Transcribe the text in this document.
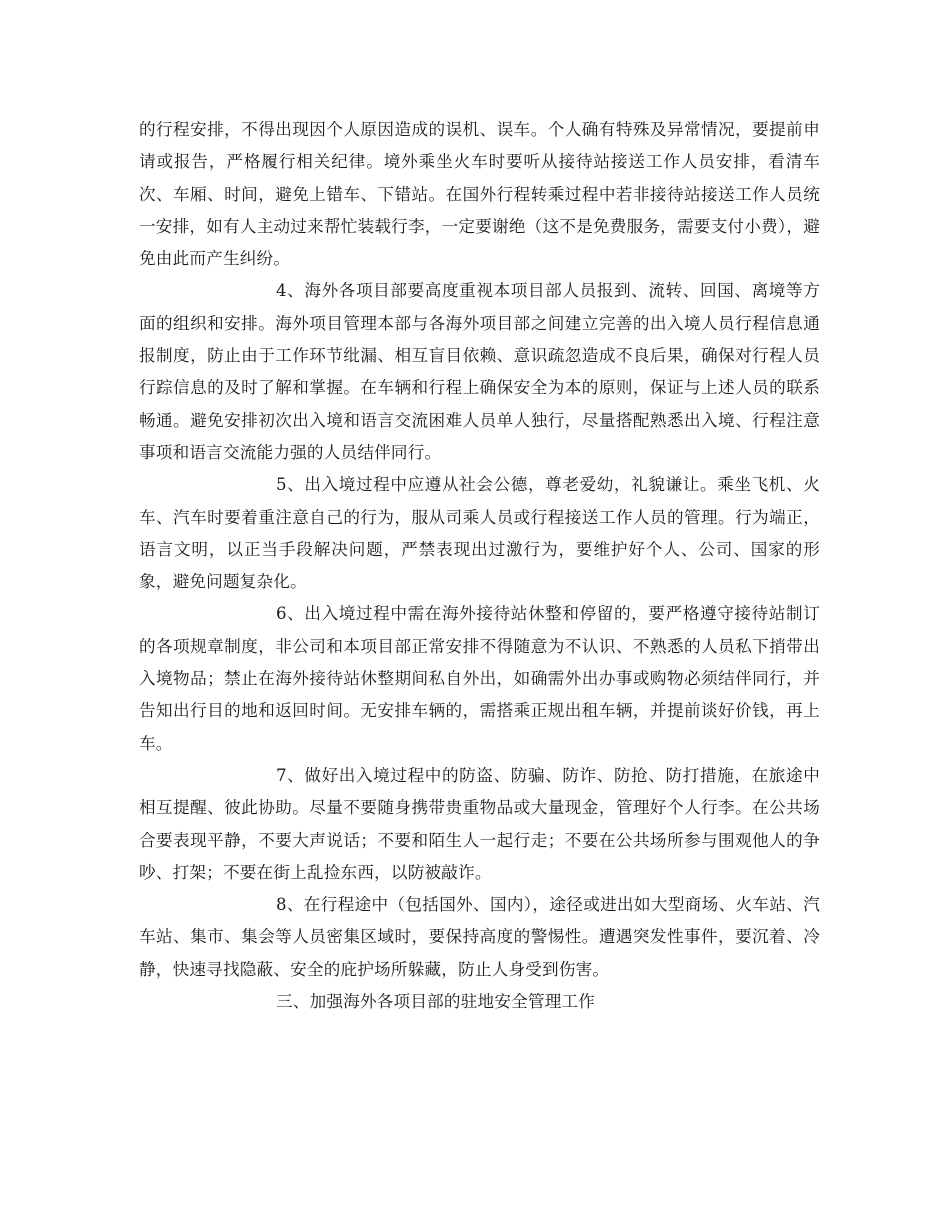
的行程安排，不得出现因个人原因造成的误机、误车。个人确有特殊及异常情况，要提前申请或报告，严格履行相关纪律。境外乘坐火车时要听从接待站接送工作人员安排，看清车次、车厢、时间，避免上错车、下错站。在国外行程转乘过程中若非接待站接送工作人员统一安排，如有人主动过来帮忙装载行李，一定要谢绝（这不是免费服务，需要支付小费），避免由此而产生纠纷。

4、海外各项目部要高度重视本项目部人员报到、流转、回国、离境等方面的组织和安排。海外项目管理本部与各海外项目部之间建立完善的出入境人员行程信息通报制度，防止由于工作环节纰漏、相互盲目依赖、意识疏忽造成不良后果，确保对行程人员行踪信息的及时了解和掌握。在车辆和行程上确保安全为本的原则，保证与上述人员的联系畅通。避免安排初次出入境和语言交流困难人员单人独行，尽量搭配熟悉出入境、行程注意事项和语言交流能力强的人员结伴同行。

5、出入境过程中应遵从社会公德，尊老爱幼，礼貌谦让。乘坐飞机、火车、汽车时要着重注意自己的行为，服从司乘人员或行程接送工作人员的管理。行为端正，语言文明，以正当手段解决问题，严禁表现出过激行为，要维护好个人、公司、国家的形象，避免问题复杂化。

6、出入境过程中需在海外接待站休整和停留的，要严格遵守接待站制订的各项规章制度，非公司和本项目部正常安排不得随意为不认识、不熟悉的人员私下捎带出入境物品；禁止在海外接待站休整期间私自外出，如确需外出办事或购物必须结伴同行，并告知出行目的地和返回时间。无安排车辆的，需搭乘正规出租车辆，并提前谈好价钱，再上车。

7、做好出入境过程中的防盗、防骗、防诈、防抢、防打措施，在旅途中相互提醒、彼此协助。尽量不要随身携带贵重物品或大量现金，管理好个人行李。在公共场合要表现平静，不要大声说话；不要和陌生人一起行走；不要在公共场所参与围观他人的争吵、打架；不要在街上乱捡东西，以防被敲诈。

8、在行程途中（包括国外、国内），途径或进出如大型商场、火车站、汽车站、集市、集会等人员密集区域时，要保持高度的警惕性。遭遇突发性事件，要沉着、冷静，快速寻找隐蔽、安全的庇护场所躲藏，防止人身受到伤害。

三、加强海外各项目部的驻地安全管理工作
